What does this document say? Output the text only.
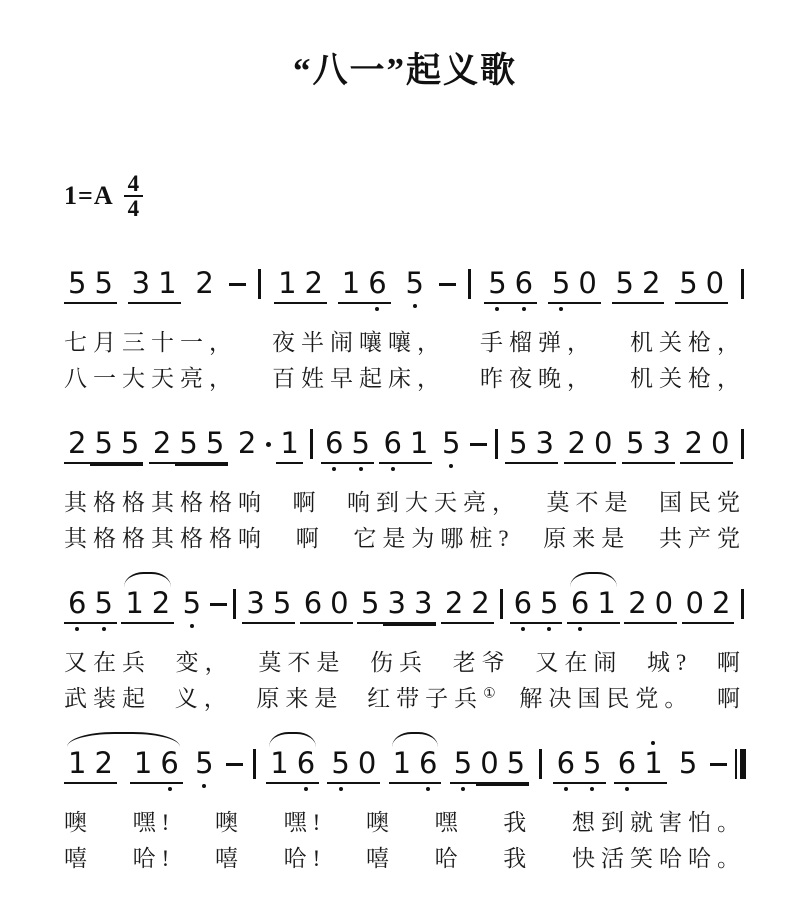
“八一”起义歌
$1=A \frac{4}{4}$
5 5 3 1 2 1 2 1 6 5 5 6 5 0 5 2 5 0
七月三十一， 夜半闹嚷嚷， 手榴弹， 机关枪，
八一大天亮， 百姓早起床， 昨夜晚， 机关枪，
2 5 5 2 5 5 2 1 6 5 6 1 5 5 3 2 0 5 3 2 0
其格格其格格响 啊 响到大天亮， 莫不是 国民党
其格格其格格响 啊 它是为哪桩? 原来是 共产党
6 5 1 2 5 3 5 6 0 5 3 3 2 2 6 5 6 1 2 0 0 2
又在兵 变， 莫不是 伤兵 老爷 又在闹 城? 啊
武装起 义， 原来是 红带子兵① 解决国民党。 啊
1 2 1 6 5 1 6 5 0 1 6 5 0 5 6 5 6 1 5
噢 嘿! 噢 嘿! 噢 嘿 我 想到就害怕。
嘻 哈! 嘻 哈! 嘻 哈 我 快活笑哈哈。
